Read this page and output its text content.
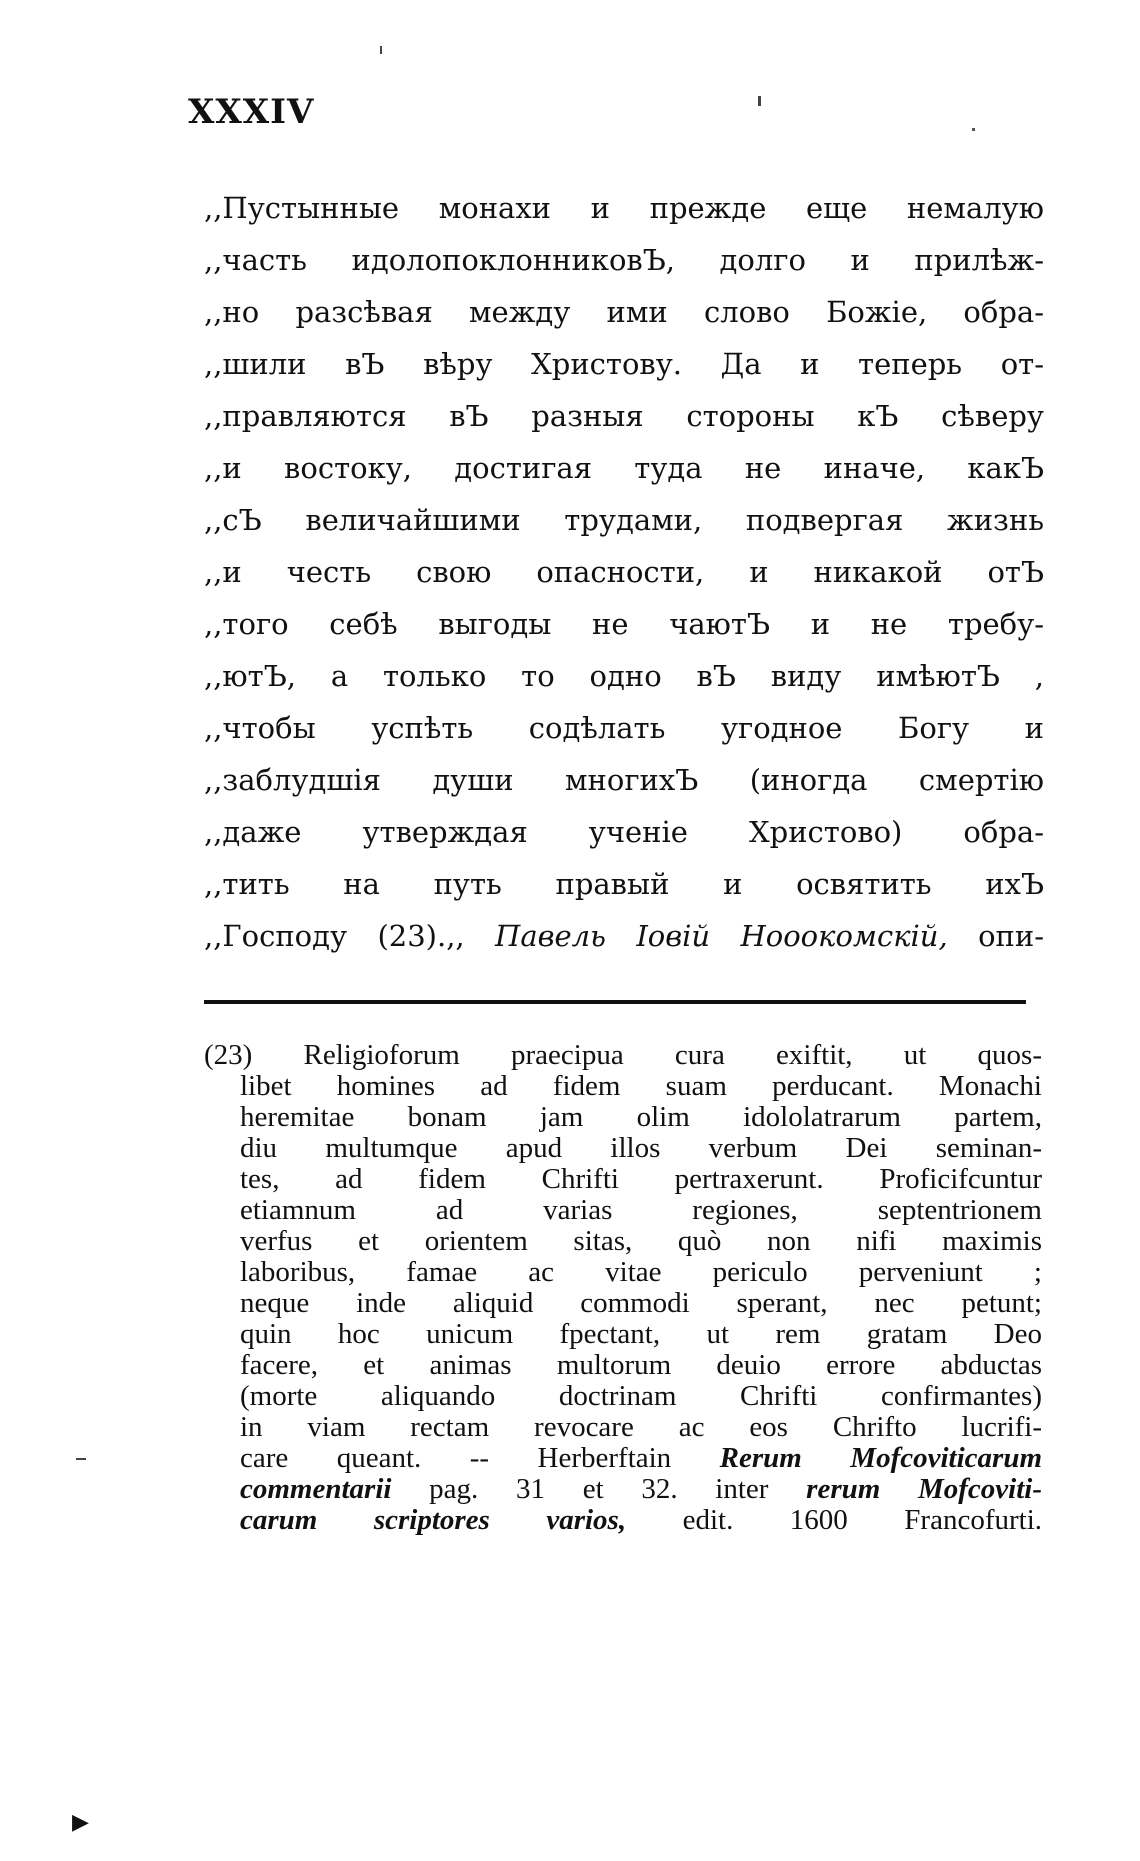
XXXIV
,,Пустынные монахи и прежде еще немалую
,,часть идолопоклонниковЪ, долго и прилѣж-
,,но разсѣвая между ими слово Божіе, обра-
,,шили вЪ вѣру Христову. Да и теперь от-
,,правляются вЪ разныя стороны кЪ сѣверу
,,и востоку, достигая туда не иначе, какЪ
,,сЪ величайшими трудами, подвергая жизнь
,,и честь свою опасности, и никакой отЪ
,,того себѣ выгоды не чаютЪ и не требу-
,,ютЪ, а только то одно вЪ виду имѣютЪ ,
,,чтобы успѣть содѣлать угодное Богу и
,,заблудшія души многихЪ (иногда смертію
,,даже утверждая ученіе Христово) обра-
,,тить на путь правый и освятить ихЪ
,,Господу (23).,, Павель Іовій Нооокомскій, опи-
(23) Religioforum praecipua cura exiftit, ut quos-
libet homines ad fidem suam perducant. Monachi
heremitae bonam jam olim idololatrarum partem,
diu multumque apud illos verbum Dei seminan-
tes, ad fidem Chrifti pertraxerunt. Proficifcuntur
etiamnum ad varias regiones, septentrionem
verfus et orientem sitas, quò non nifi maximis
laboribus, famae ac vitae periculo perveniunt ;
neque inde aliquid commodi sperant, nec petunt;
quin hoc unicum fpectant, ut rem gratam Deo
facere, et animas multorum deuio errore abductas
(morte aliquando doctrinam Chrifti confirmantes)
in viam rectam revocare ac eos Chrifto lucrifi-
care queant. -- Herberftain Rerum Mofcoviticarum
commentarii pag. 31 et 32. inter rerum Mofcoviti-
carum scriptores varios, edit. 1600 Francofurti.
▶
